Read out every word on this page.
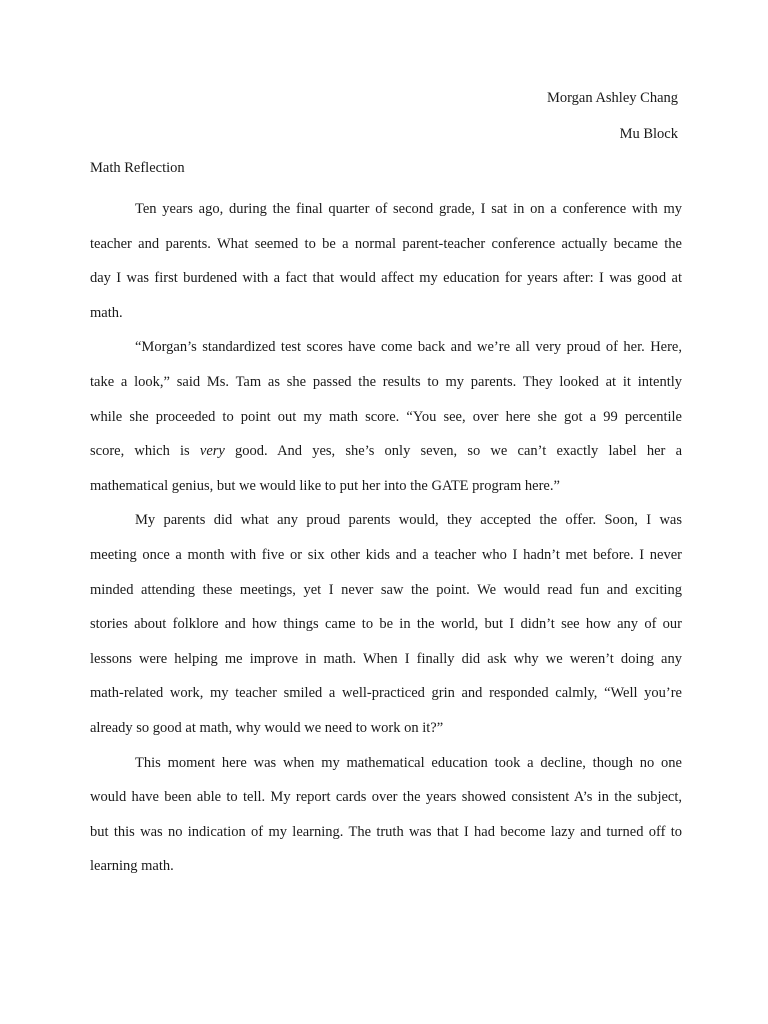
Morgan Ashley Chang
Mu Block
Math Reflection
Ten years ago, during the final quarter of second grade, I sat in on a conference with my
teacher and parents. What seemed to be a normal parent-teacher conference actually became the
day I was first burdened with a fact that would affect my education for years after: I was good at
math.
“Morgan’s standardized test scores have come back and we’re all very proud of her. Here,
take a look,” said Ms. Tam as she passed the results to my parents. They looked at it intently
while she proceeded to point out my math score. “You see, over here she got a 99 percentile
score, which is very good. And yes, she’s only seven, so we can’t exactly label her a
mathematical genius, but we would like to put her into the GATE program here.”
My parents did what any proud parents would, they accepted the offer. Soon, I was
meeting once a month with five or six other kids and a teacher who I hadn’t met before. I never
minded attending these meetings, yet I never saw the point. We would read fun and exciting
stories about folklore and how things came to be in the world, but I didn’t see how any of our
lessons were helping me improve in math. When I finally did ask why we weren’t doing any
math-related work, my teacher smiled a well-practiced grin and responded calmly, “Well you’re
already so good at math, why would we need to work on it?”
This moment here was when my mathematical education took a decline, though no one
would have been able to tell. My report cards over the years showed consistent A’s in the subject,
but this was no indication of my learning. The truth was that I had become lazy and turned off to
learning math.
